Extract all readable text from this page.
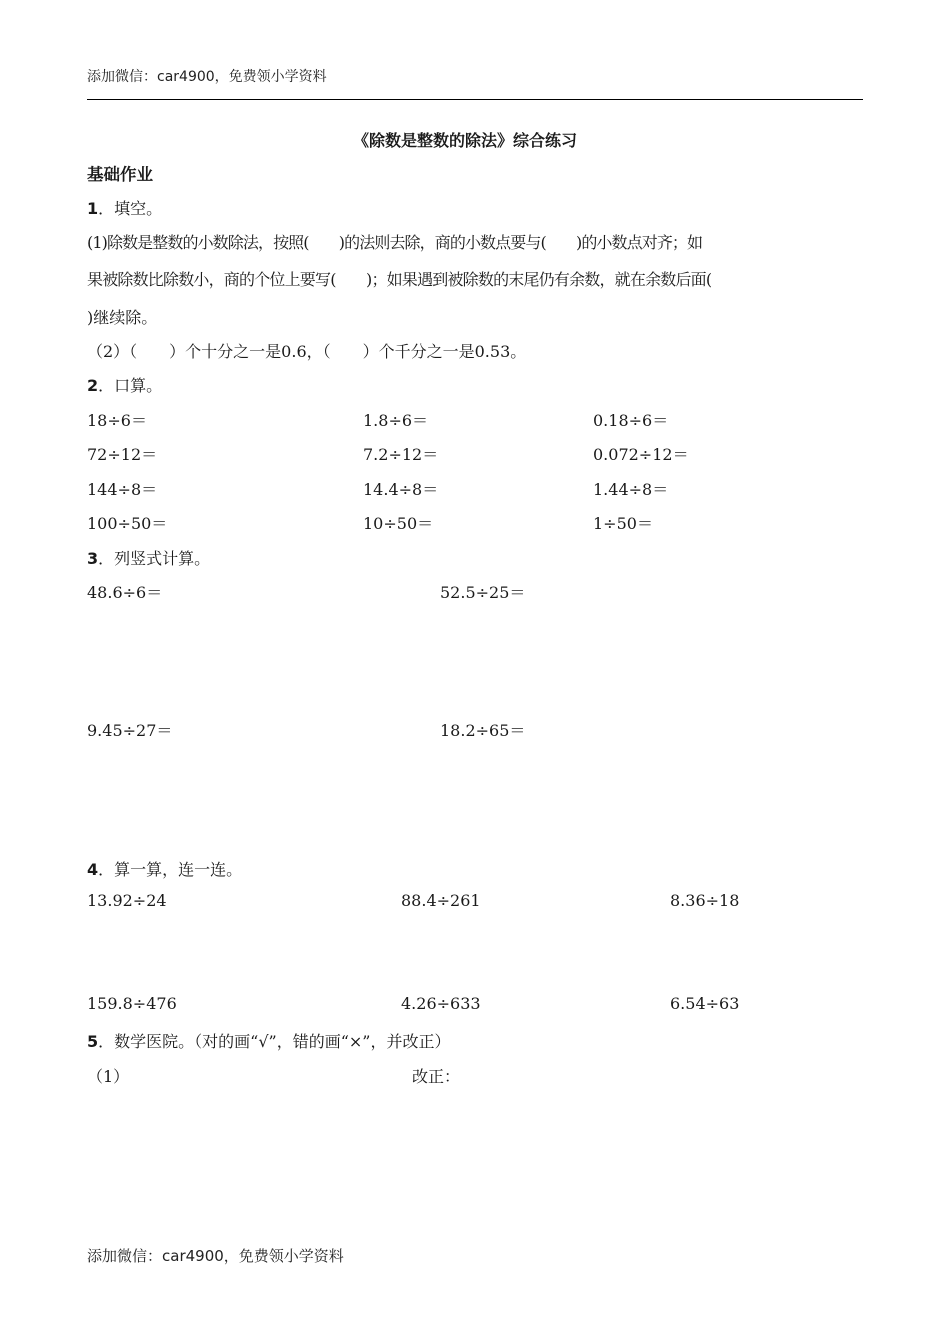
添加微信：car4900，免费领小学资料
《除数是整数的除法》综合练习
基础作业
1．填空。
(1)除数是整数的小数除法，按照(　　)的法则去除，商的小数点要与(　　)的小数点对齐；如
果被除数比除数小，商的个位上要写(　　)；如果遇到被除数的末尾仍有余数，就在余数后面(
)继续除。
（2）（　　）个十分之一是0.6，（　　）个千分之一是0.53。
2．口算。
18÷6＝	1.8÷6＝	0.18÷6＝
72÷12＝	7.2÷12＝	0.072÷12＝
144÷8＝	14.4÷8＝	1.44÷8＝
100÷50＝	10÷50＝	1÷50＝
3．列竖式计算。
48.6÷6＝	52.5÷25＝
9.45÷27＝	18.2÷65＝
4．算一算，连一连。
13.92÷24	88.4÷261	8.36÷18
159.8÷476	4.26÷633	6.54÷63
5．数学医院。（对的画“√”，错的画“×”，并改正）
（1）	改正：
添加微信：car4900，免费领小学资料
